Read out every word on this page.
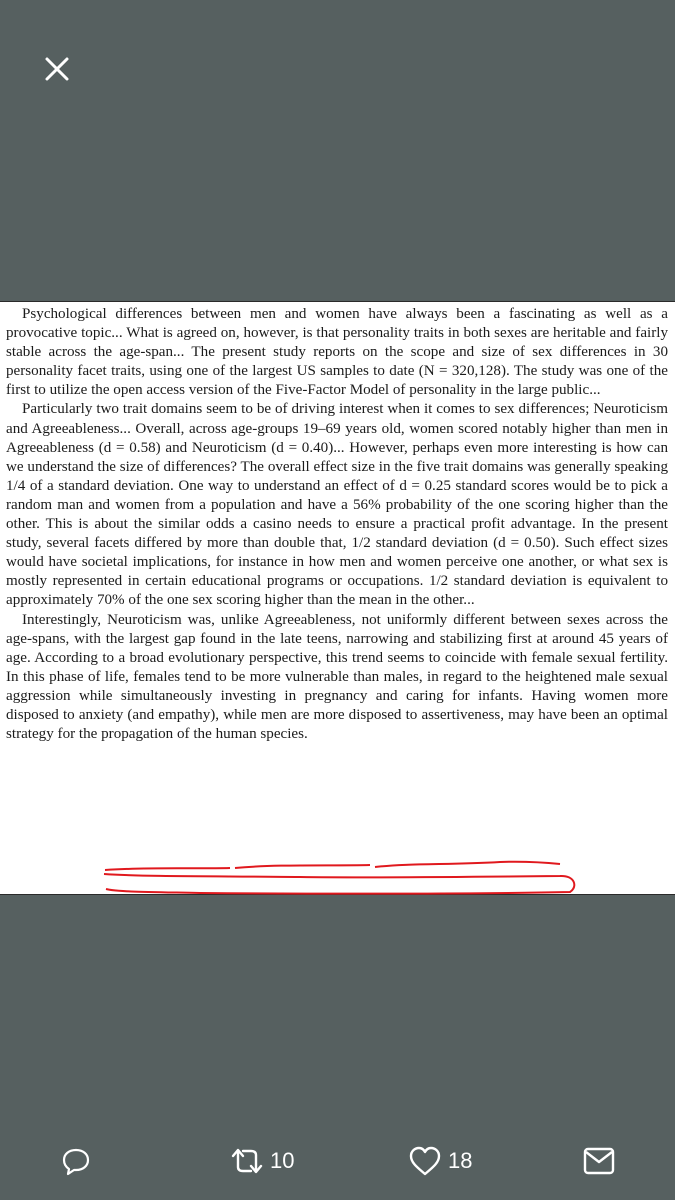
Psychological differences between men and women have always been a fascinating as well as a provocative topic... What is agreed on, however, is that personality traits in both sexes are heritable and fairly stable across the age-span... The present study reports on the scope and size of sex differences in 30 personality facet traits, using one of the largest US samples to date (N = 320,128). The study was one of the first to utilize the open access version of the Five-Factor Model of personality in the large public...

Particularly two trait domains seem to be of driving interest when it comes to sex differences; Neuroticism and Agreeableness... Overall, across age-groups 19–69 years old, women scored notably higher than men in Agreeableness (d = 0.58) and Neuroticism (d = 0.40)... However, perhaps even more interesting is how can we understand the size of differences? The overall effect size in the five trait domains was generally speaking 1/4 of a standard deviation. One way to understand an effect of d = 0.25 standard scores would be to pick a random man and women from a population and have a 56% probability of the one scoring higher than the other. This is about the similar odds a casino needs to ensure a practical profit advantage. In the present study, several facets differed by more than double that, 1/2 standard deviation (d = 0.50). Such effect sizes would have societal implications, for instance in how men and women perceive one another, or what sex is mostly represented in certain educational programs or occupations. 1/2 standard deviation is equivalent to approximately 70% of the one sex scoring higher than the mean in the other...

Interestingly, Neuroticism was, unlike Agreeableness, not uniformly different between sexes across the age-spans, with the largest gap found in the late teens, narrowing and stabilizing first at around 45 years of age. According to a broad evolutionary perspective, this trend seems to coincide with female sexual fertility. In this phase of life, females tend to be more vulnerable than males, in regard to the heightened male sexual aggression while simultaneously investing in pregnancy and caring for infants. Having women more disposed to anxiety (and empathy), while men are more disposed to assertiveness, may have been an optimal strategy for the propagation of the human species.

10	18
